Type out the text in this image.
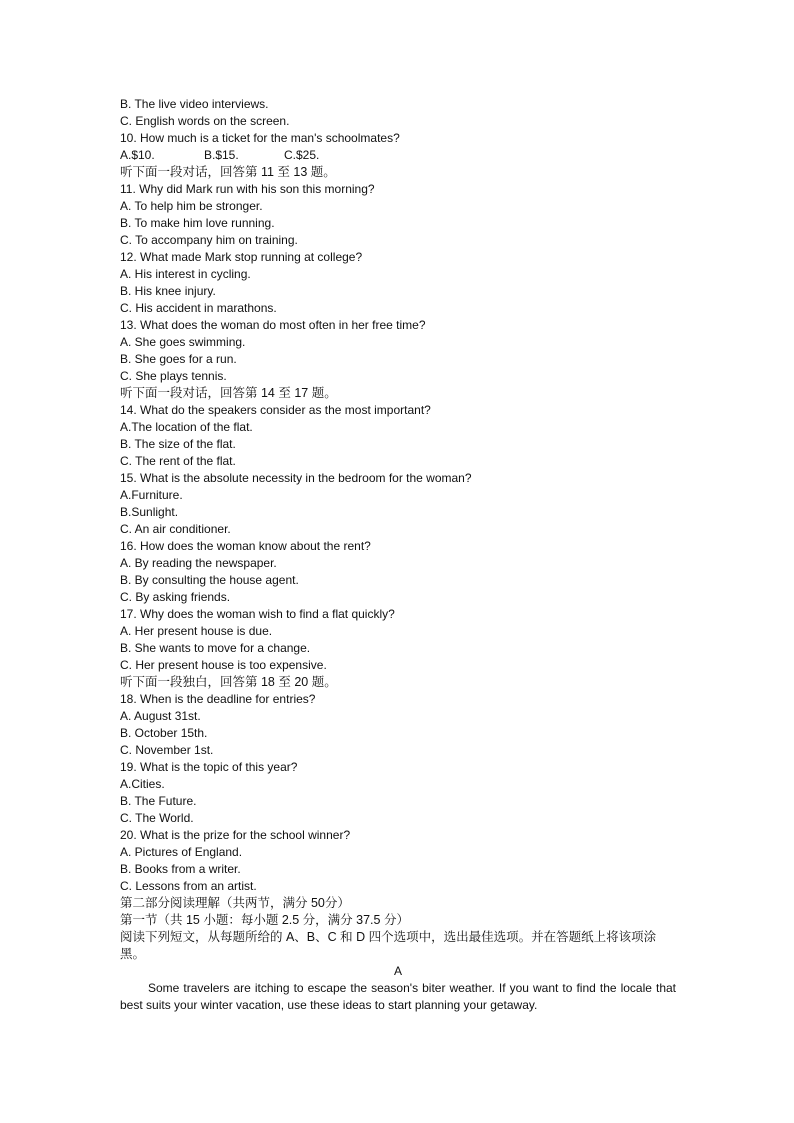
B. The live video interviews.
C. English words on the screen.
10. How much is a ticket for the man's schoolmates?
A.$10.	B.$15.	C.$25.
听下面一段对话，回答第 11 至 13 题。
11. Why did Mark run with his son this morning?
A. To help him be stronger.
B. To make him love running.
C. To accompany him on training.
12. What made Mark stop running at college?
A. His interest in cycling.
B. His knee injury.
C. His accident in marathons.
13. What does the woman do most often in her free time?
A. She goes swimming.
B. She goes for a run.
C. She plays tennis.
听下面一段对话，回答第 14 至 17 题。
14. What do the speakers consider as the most important?
A.The location of the flat.
B. The size of the flat.
C. The rent of the flat.
15. What is the absolute necessity in the bedroom for the woman?
A.Furniture.
B.Sunlight.
C. An air conditioner.
16. How does the woman know about the rent?
A. By reading the newspaper.
B. By consulting the house agent.
C. By asking friends.
17. Why does the woman wish to find a flat quickly?
A. Her present house is due.
B. She wants to move for a change.
C. Her present house is too expensive.
听下面一段独白，回答第 18 至 20 题。
18. When is the deadline for entries?
A. August 31st.
B. October 15th.
C. November 1st.
19. What is the topic of this year?
A.Cities.
B. The Future.
C. The World.
20. What is the prize for the school winner?
A. Pictures of England.
B. Books from a writer.
C. Lessons from an artist.
第二部分阅读理解（共两节，满分 50分）
第一节（共 15 小题：每小题 2.5 分，满分 37.5 分）
阅读下列短文，从每题所给的 A、B、C 和 D 四个选项中，选出最佳选项。并在答题纸上将该项涂黑。
A
Some travelers are itching to escape the season's biter weather. If you want to find the locale that best suits your winter vacation, use these ideas to start planning your getaway.
